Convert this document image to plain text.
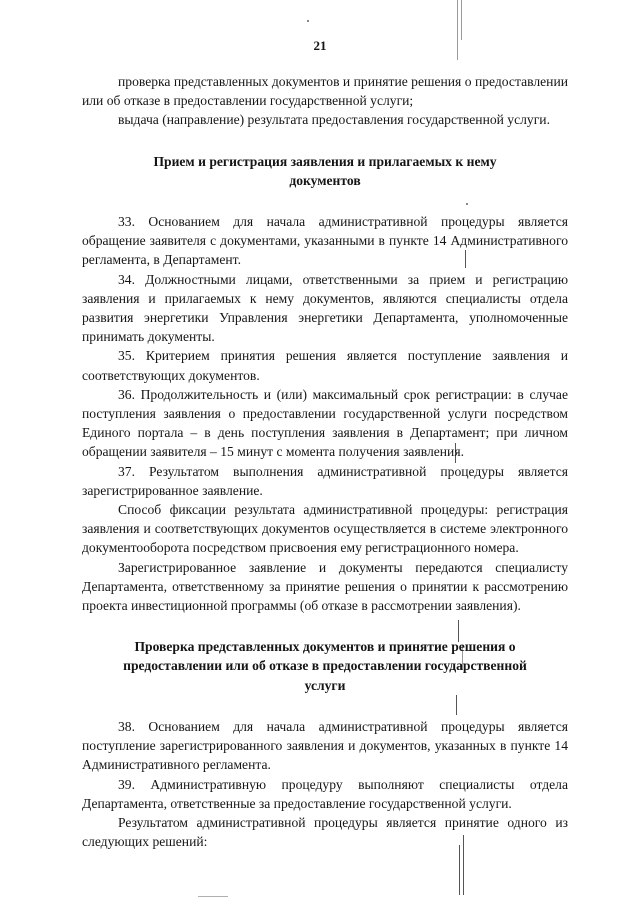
21

проверка представленных документов и принятие решения о предоставлении или об отказе в предоставлении государственной услуги;

выдача (направление) результата предоставления государственной услуги.

Прием и регистрация заявления и прилагаемых к нему документов

33. Основанием для начала административной процедуры является обращение заявителя с документами, указанными в пункте 14 Административного регламента, в Департамент.

34. Должностными лицами, ответственными за прием и регистрацию заявления и прилагаемых к нему документов, являются специалисты отдела развития энергетики Управления энергетики Департамента, уполномоченные принимать документы.

35. Критерием принятия решения является поступление заявления и соответствующих документов.

36. Продолжительность и (или) максимальный срок регистрации: в случае поступления заявления о предоставлении государственной услуги посредством Единого портала – в день поступления заявления в Департамент; при личном обращении заявителя – 15 минут с момента получения заявления.

37. Результатом выполнения административной процедуры является зарегистрированное заявление.

Способ фиксации результата административной процедуры: регистрация заявления и соответствующих документов осуществляется в системе электронного документооборота посредством присвоения ему регистрационного номера.

Зарегистрированное заявление и документы передаются специалисту Департамента, ответственному за принятие решения о принятии к рассмотрению проекта инвестиционной программы (об отказе в рассмотрении заявления).

Проверка представленных документов и принятие решения о предоставлении или об отказе в предоставлении государственной услуги

38. Основанием для начала административной процедуры является поступление зарегистрированного заявления и документов, указанных в пункте 14 Административного регламента.

39. Административную процедуру выполняют специалисты отдела Департамента, ответственные за предоставление государственной услуги.

Результатом административной процедуры является принятие одного из следующих решений:
